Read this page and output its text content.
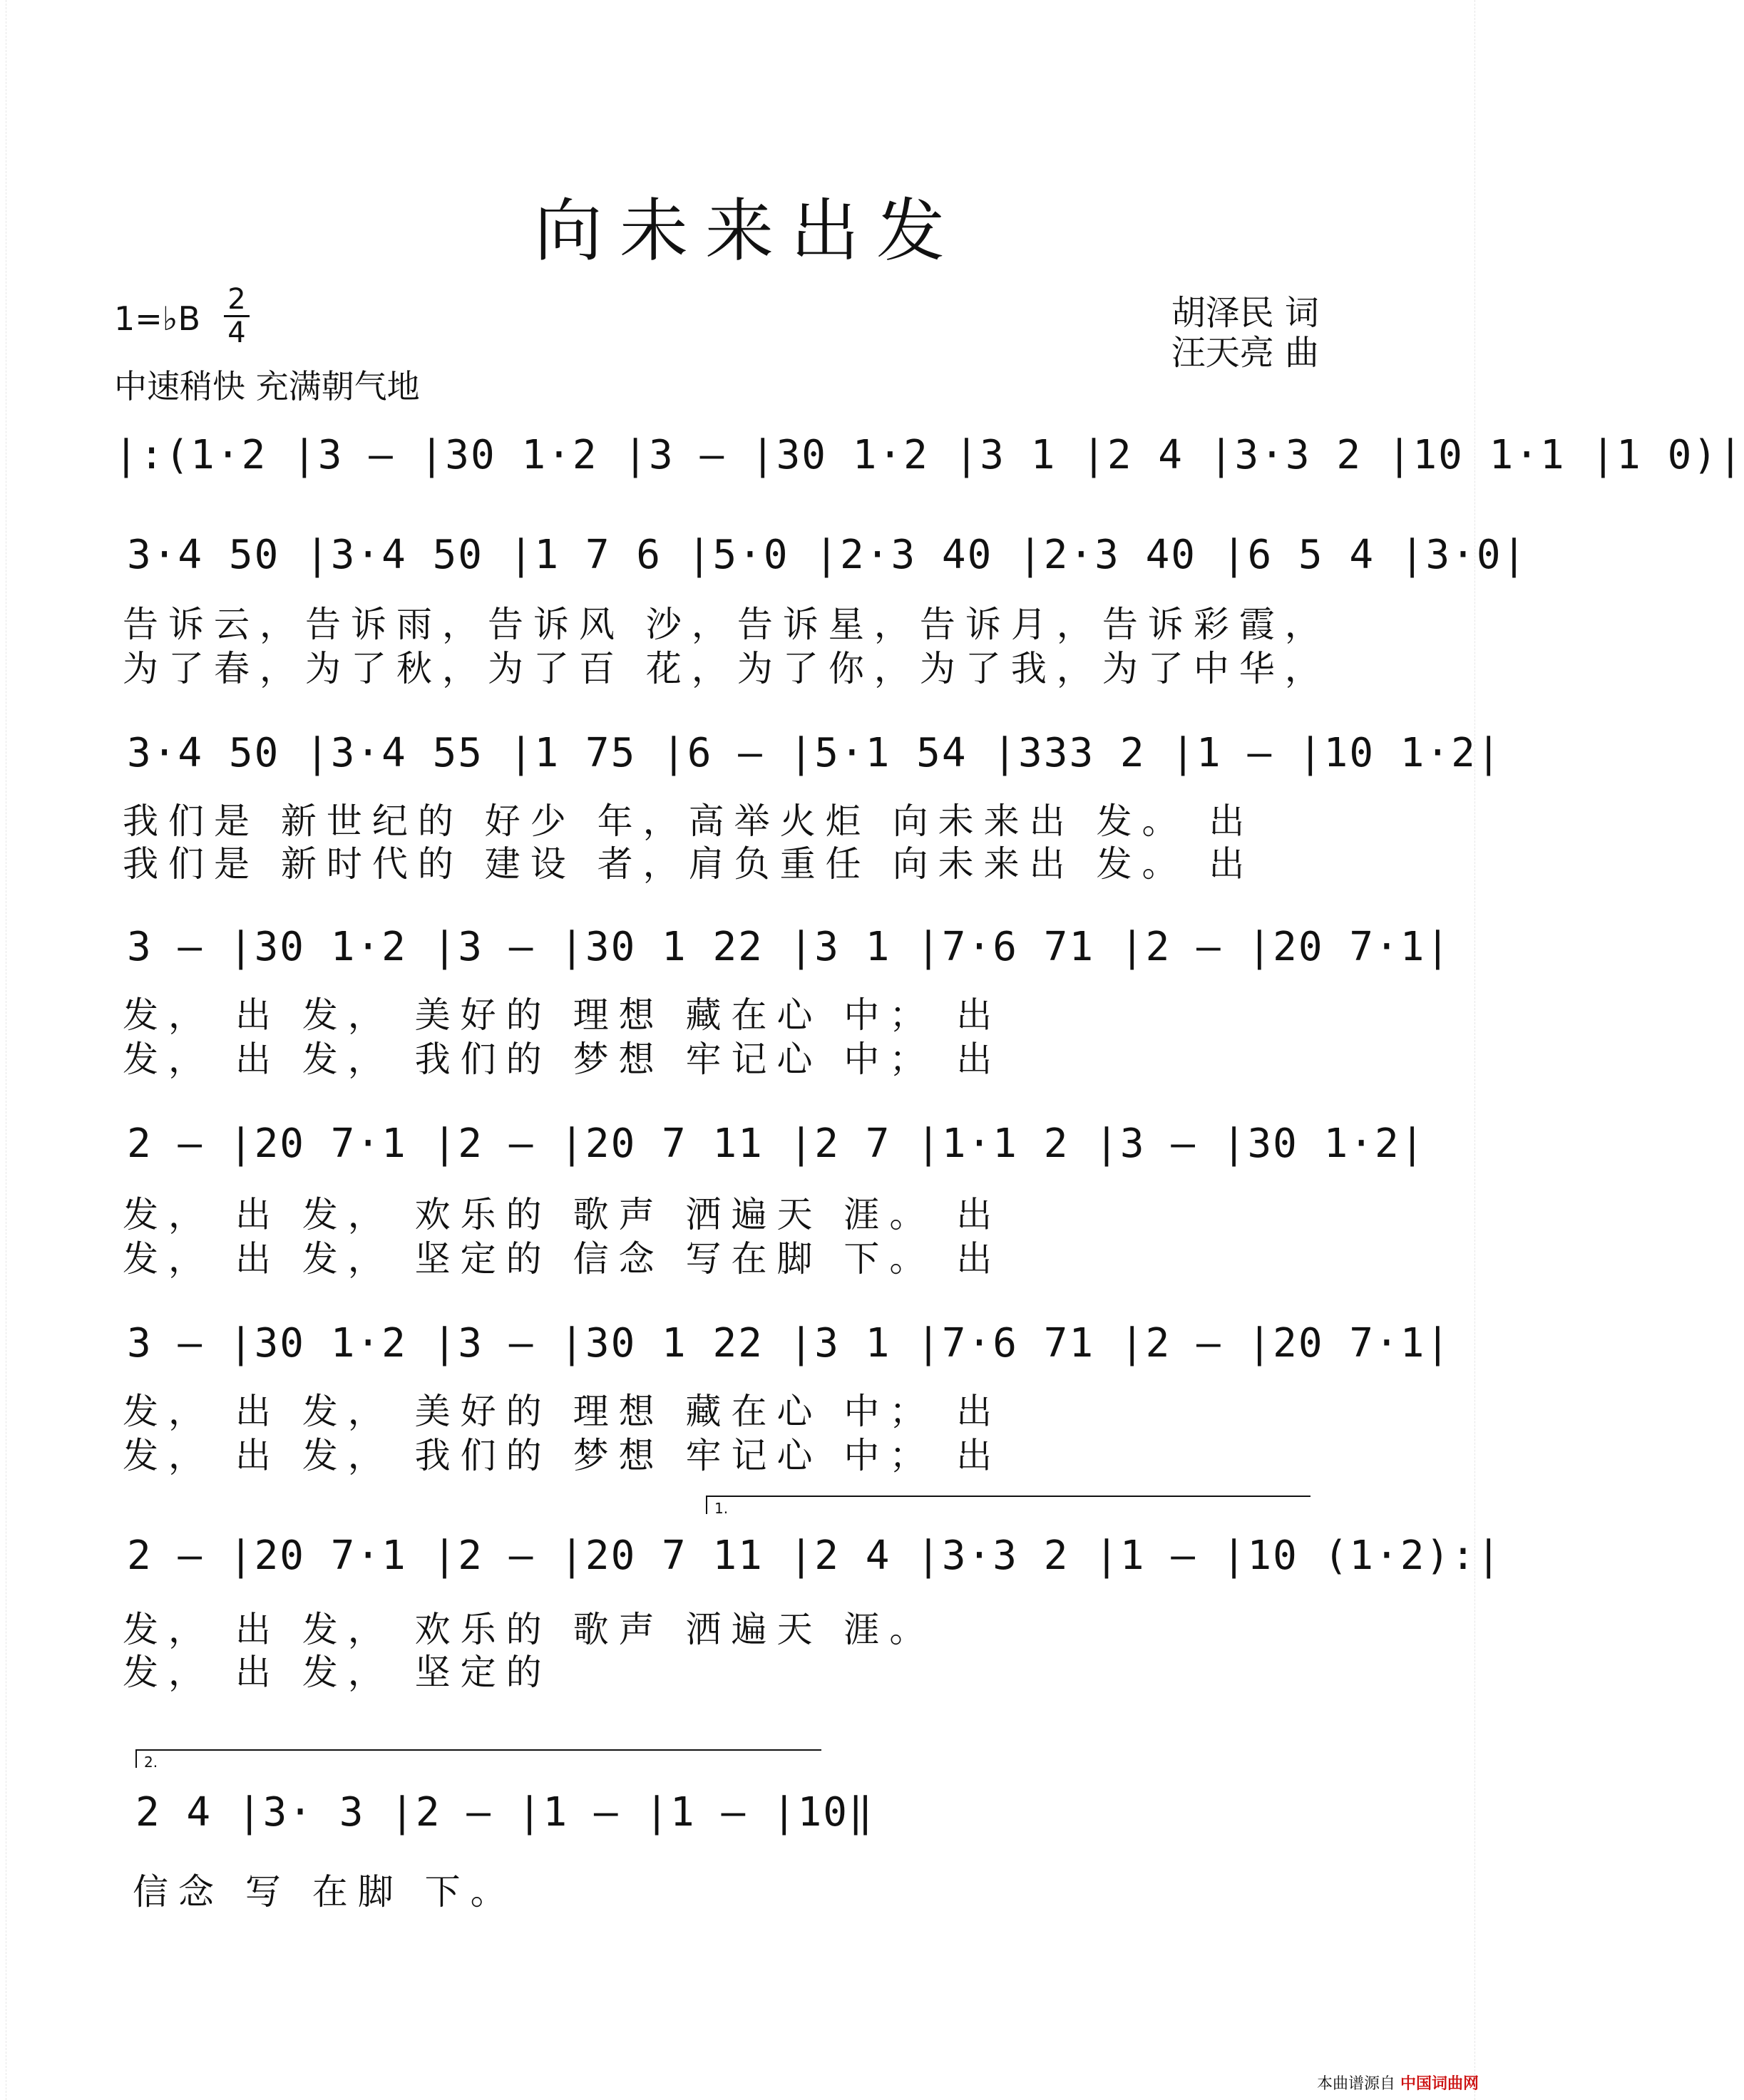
向未来出发
1=♭B 2
4
中速稍快 充满朝气地
胡泽民 词
汪天亮 曲
|:(1·2 |3 – |30 1·2 |3 – |30 1·2 |3 1 |2 4 |3·3 2 |10 1·1 |1 0)|
3·4 50 |3·4 50 |1 7 6 |5·0 |2·3 40 |2·3 40 |6 5 4 |3·0|
告诉云，告诉雨，告诉风 沙，告诉星，告诉月，告诉彩霞，
为了春，为了秋，为了百 花，为了你，为了我，为了中华，
3·4 50 |3·4 55 |1 75 |6 – |5·1 54 |333 2 |1 – |10 1·2|
我们是 新世纪的 好少 年，高举火炬 向未来出 发。 出
我们是 新时代的 建设 者，肩负重任 向未来出 发。 出
3 – |30 1·2 |3 – |30 1 22 |3 1 |7·6 71 |2 – |20 7·1|
发， 出 发， 美好的 理想 藏在心 中； 出
发， 出 发， 我们的 梦想 牢记心 中； 出
2 – |20 7·1 |2 – |20 7 11 |2 7 |1·1 2 |3 – |30 1·2|
发， 出 发， 欢乐的 歌声 洒遍天 涯。 出
发， 出 发， 坚定的 信念 写在脚 下。 出
3 – |30 1·2 |3 – |30 1 22 |3 1 |7·6 71 |2 – |20 7·1|
发， 出 发， 美好的 理想 藏在心 中； 出
发， 出 发， 我们的 梦想 牢记心 中； 出
1.
2 – |20 7·1 |2 – |20 7 11 |2 4 |3·3 2 |1 – |10 (1·2):|
发， 出 发， 欢乐的 歌声 洒遍天 涯。
发， 出 发， 坚定的
2.
2 4 |3· 3 |2 – |1 – |1 – |10‖
信念 写 在脚 下。
本曲谱源自 中国词曲网
